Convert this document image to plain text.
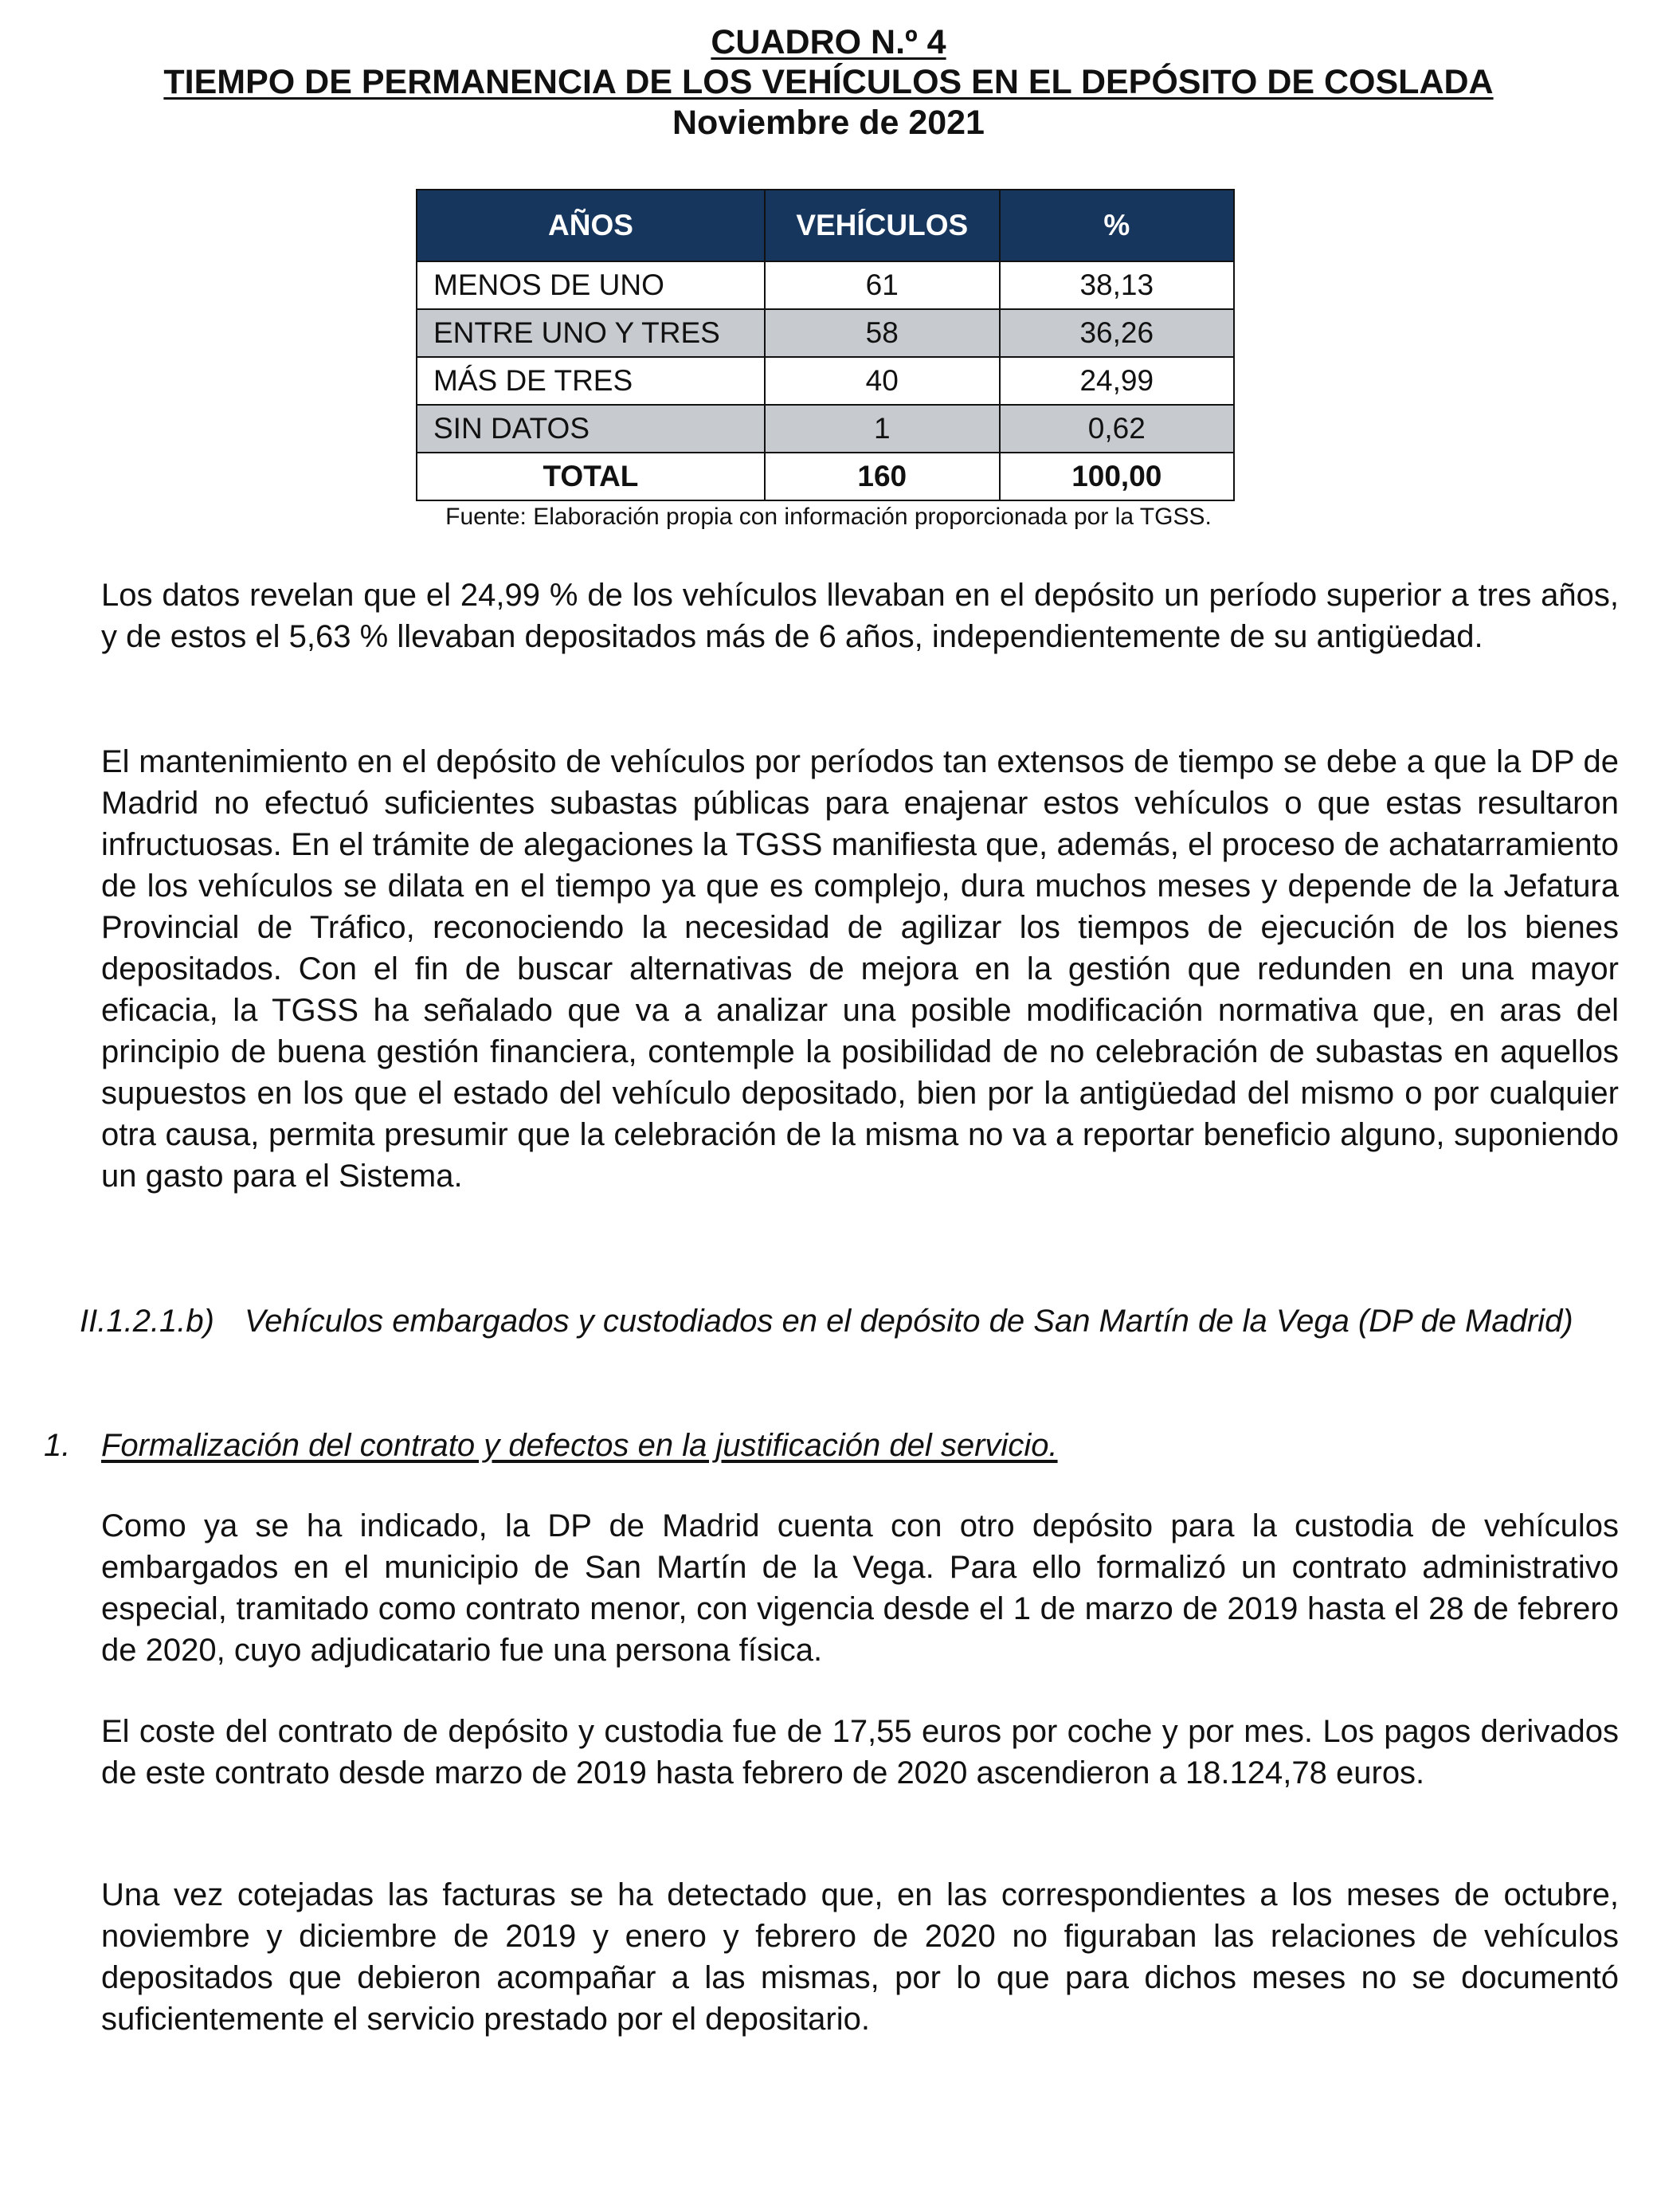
CUADRO N.º 4
TIEMPO DE PERMANENCIA DE LOS VEHÍCULOS EN EL DEPÓSITO DE COSLADA
Noviembre de 2021
AÑOS	VEHÍCULOS	%
MENOS DE UNO	61	38,13
ENTRE UNO Y TRES	58	36,26
MÁS DE TRES	40	24,99
SIN DATOS	1	0,62
TOTAL	160	100,00
Fuente: Elaboración propia con información proporcionada por la TGSS.
Los datos revelan que el 24,99 % de los vehículos llevaban en el depósito un período superior a tres años, y de estos el 5,63 % llevaban depositados más de 6 años, independientemente de su antigüedad.
El mantenimiento en el depósito de vehículos por períodos tan extensos de tiempo se debe a que la DP de Madrid no efectuó suficientes subastas públicas para enajenar estos vehículos o que estas resultaron infructuosas. En el trámite de alegaciones la TGSS manifiesta que, además, el proceso de achatarramiento de los vehículos se dilata en el tiempo ya que es complejo, dura muchos meses y depende de la Jefatura Provincial de Tráfico, reconociendo la necesidad de agilizar los tiempos de ejecución de los bienes depositados. Con el fin de buscar alternativas de mejora en la gestión que redunden en una mayor eficacia, la TGSS ha señalado que va a analizar una posible modificación normativa que, en aras del principio de buena gestión financiera, contemple la posibilidad de no celebración de subastas en aquellos supuestos en los que el estado del vehículo depositado, bien por la antigüedad del mismo o por cualquier otra causa, permita presumir que la celebración de la misma no va a reportar beneficio alguno, suponiendo un gasto para el Sistema.
II.1.2.1.b) Vehículos embargados y custodiados en el depósito de San Martín de la Vega (DP de Madrid)
1. Formalización del contrato y defectos en la justificación del servicio.
Como ya se ha indicado, la DP de Madrid cuenta con otro depósito para la custodia de vehículos embargados en el municipio de San Martín de la Vega. Para ello formalizó un contrato administrativo especial, tramitado como contrato menor, con vigencia desde el 1 de marzo de 2019 hasta el 28 de febrero de 2020, cuyo adjudicatario fue una persona física.
El coste del contrato de depósito y custodia fue de 17,55 euros por coche y por mes. Los pagos derivados de este contrato desde marzo de 2019 hasta febrero de 2020 ascendieron a 18.124,78 euros.
Una vez cotejadas las facturas se ha detectado que, en las correspondientes a los meses de octubre, noviembre y diciembre de 2019 y enero y febrero de 2020 no figuraban las relaciones de vehículos depositados que debieron acompañar a las mismas, por lo que para dichos meses no se documentó suficientemente el servicio prestado por el depositario.
